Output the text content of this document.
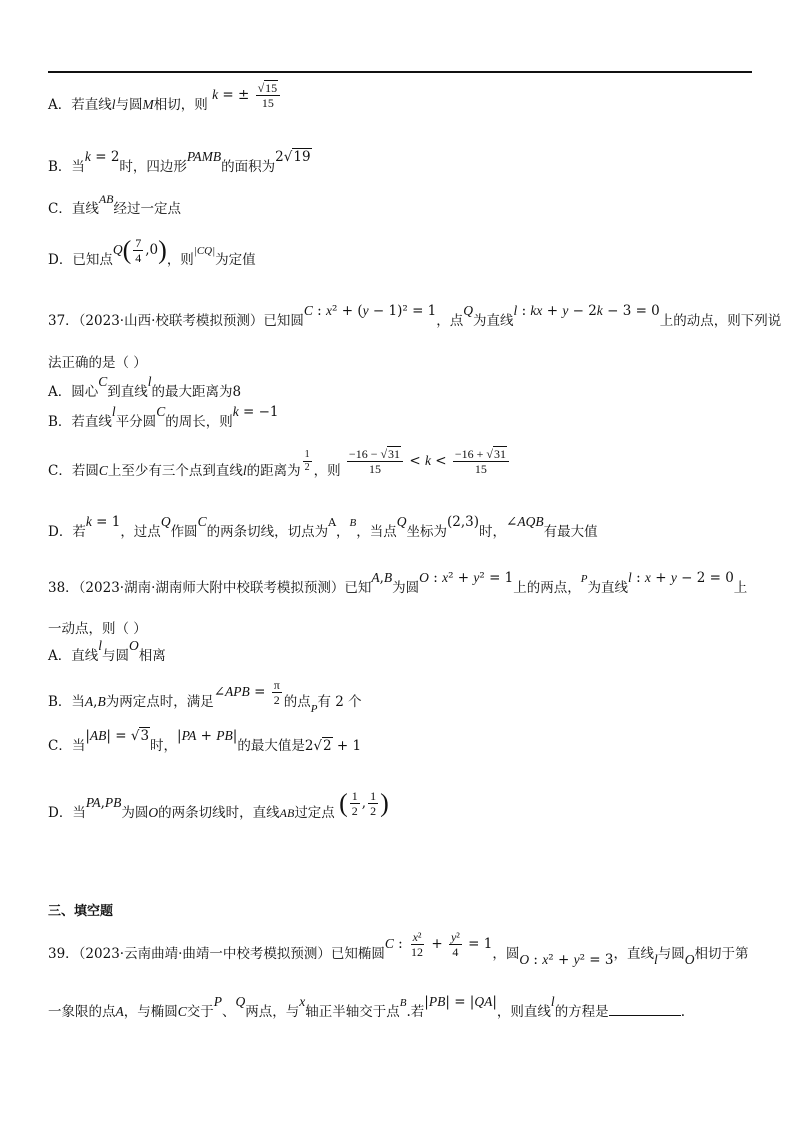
A．若直线l与圆M相切，则 k = ± $\frac{√15}{15}$
B．当k = 2时，四边形PAMB的面积为2√19
C．直线AB经过一定点
D．已知点$Q( \frac{7}{4} ,0)$，则$^{|CQ|}$为定值
37．（2023·山西·校联考模拟预测）已知圆C : x² + (y − 1)² = 1，点Q为直线l : kx + y − 2k − 3 = 0上的动点，则下列说
法正确的是（ ）
A．圆心C到直线l的最大距离为8
B．若直线l平分圆C的周长，则k = −1
C．若圆C上至少有三个点到直线l的距离为 $\frac{1}{2}$ ，则 $\frac{-16 - √31}{15} < k < \frac{-16 + √31}{15}$
D．若k = 1，过点Q作圆C的两条切线，切点为$^A$，$^B$，当点Q坐标为(2,3)时，∠AQB有最大值
38．（2023·湖南·湖南师大附中校联考模拟预测）已知A,B为圆O : x² + y² = 1上的两点，$^P$为直线l : x + y − 2 = 0上
一动点，则（ ）
A．直线l与圆O相离
B．当A,B为两定点时，满足∠APB = $\frac{\pi}{2}$ 的点$_P$有 2 个
C．当|AB| = √3时，|PA + PB|的最大值是2√2 + 1
D．当PA,PB为圆O的两条切线时，直线AB过定点 ( $\frac{1}{2}$ , $\frac{1}{2}$ )
三、填空题
39．（2023·云南曲靖·曲靖一中校考模拟预测）已知椭圆C : $\frac{\text{x²}}{12} + \frac{\text{y²}}{4} = 1$，圆O : x² + y² = 3，直线l与圆O相切于第
一象限的点A，与椭圆C交于P、Q两点，与x轴正半轴交于点$^B$.若|PB| = |QA|，则直线l的方程是	.
